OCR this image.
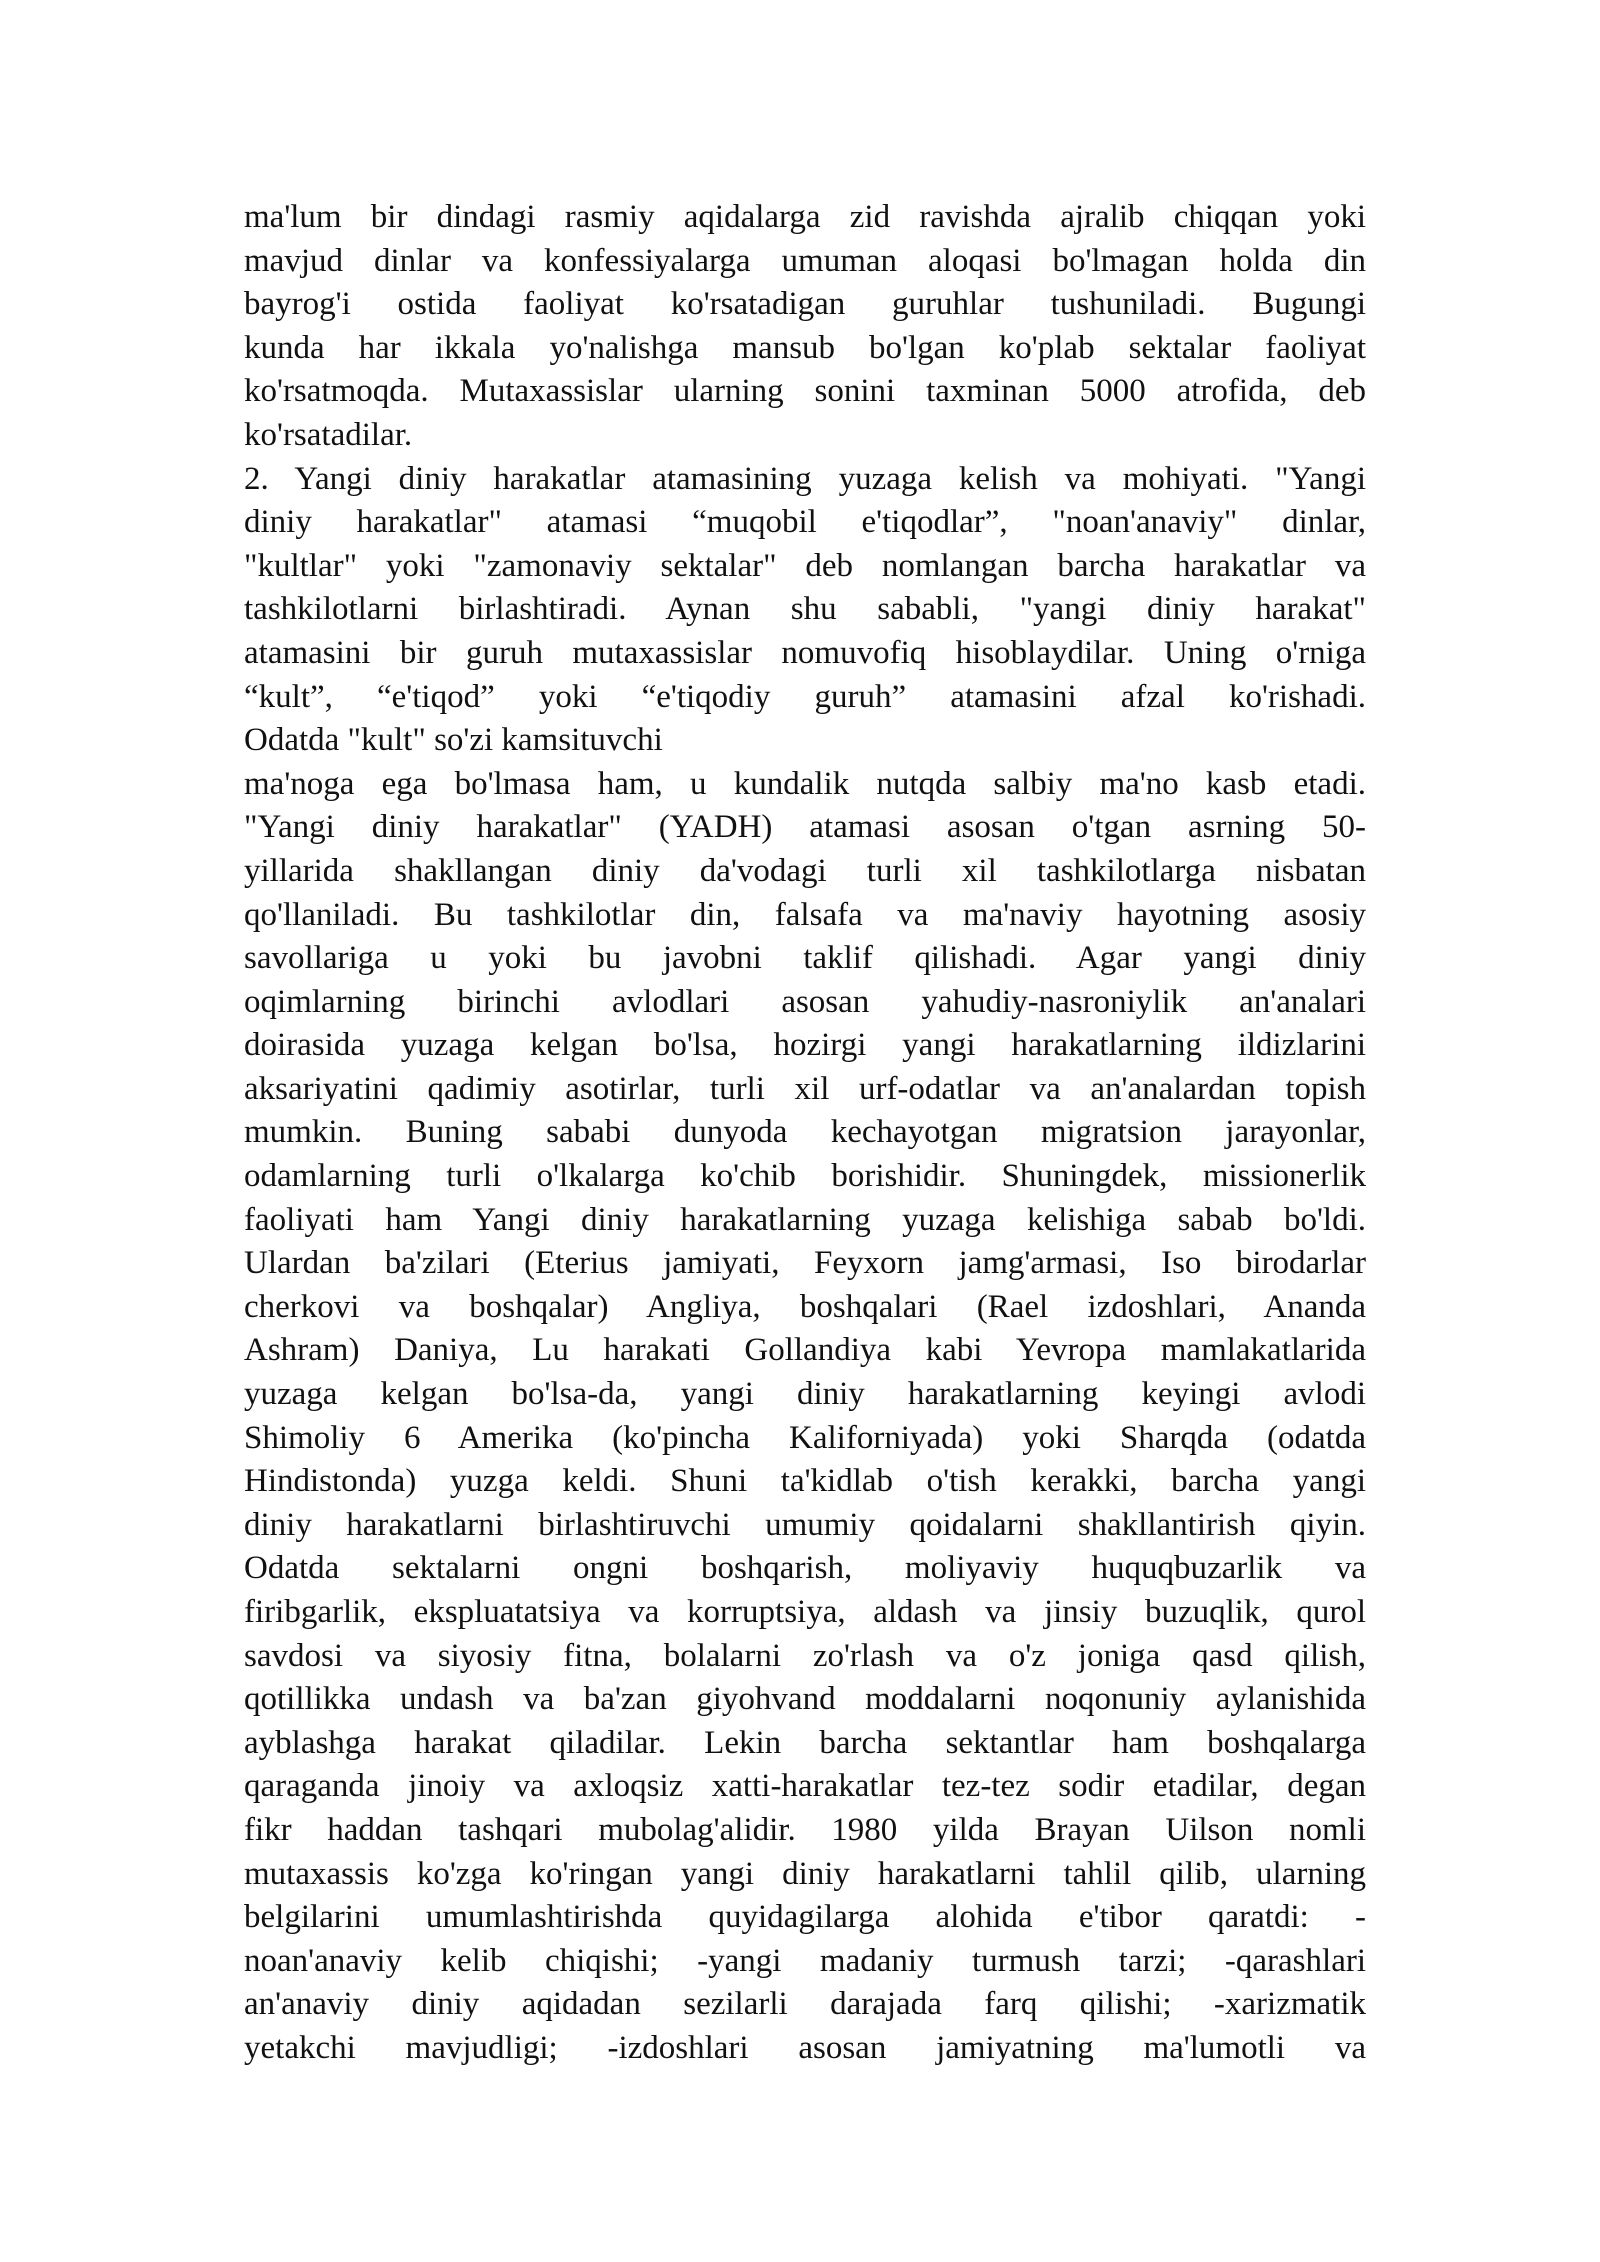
ma'lum bir dindagi rasmiy aqidalarga zid ravishda ajralib chiqqan yoki

mavjud dinlar va konfessiyalarga umuman aloqasi bo'lmagan holda din

bayrog'i ostida faoliyat ko'rsatadigan guruhlar tushuniladi. Bugungi

kunda har ikkala yo'nalishga mansub bo'lgan ko'plab sektalar faoliyat

ko'rsatmoqda. Mutaxassislar ularning sonini taxminan 5000 atrofida, deb

ko'rsatadilar.

2. Yangi diniy harakatlar atamasining yuzaga kelish va mohiyati. "Yangi

diniy harakatlar" atamasi “muqobil e'tiqodlar”, "noan'anaviy" dinlar,

"kultlar" yoki "zamonaviy sektalar" deb nomlangan barcha harakatlar va

tashkilotlarni birlashtiradi. Aynan shu sababli, "yangi diniy harakat"

atamasini bir guruh mutaxassislar nomuvofiq hisoblaydilar. Uning o'rniga

“kult”, “e'tiqod” yoki “e'tiqodiy guruh” atamasini afzal ko'rishadi.

Odatda "kult" so'zi kamsituvchi

ma'noga ega bo'lmasa ham, u kundalik nutqda salbiy ma'no kasb etadi.

"Yangi diniy harakatlar" (YADH) atamasi asosan o'tgan asrning 50-

yillarida shakllangan diniy da'vodagi turli xil tashkilotlarga nisbatan

qo'llaniladi. Bu tashkilotlar din, falsafa va ma'naviy hayotning asosiy

savollariga u yoki bu javobni taklif qilishadi. Agar yangi diniy

oqimlarning birinchi avlodlari asosan yahudiy-nasroniylik an'analari

doirasida yuzaga kelgan bo'lsa, hozirgi yangi harakatlarning ildizlarini

aksariyatini qadimiy asotirlar, turli xil urf-odatlar va an'analardan topish

mumkin. Buning sababi dunyoda kechayotgan migratsion jarayonlar,

odamlarning turli o'lkalarga ko'chib borishidir. Shuningdek, missionerlik

faoliyati ham Yangi diniy harakatlarning yuzaga kelishiga sabab bo'ldi.

Ulardan ba'zilari (Eterius jamiyati, Feyxorn jamg'armasi, Iso birodarlar

cherkovi va boshqalar) Angliya, boshqalari (Rael izdoshlari, Ananda

Ashram) Daniya, Lu harakati Gollandiya kabi Yevropa mamlakatlarida

yuzaga kelgan bo'lsa-da, yangi diniy harakatlarning keyingi avlodi

Shimoliy 6 Amerika (ko'pincha Kaliforniyada) yoki Sharqda (odatda

Hindistonda) yuzga keldi. Shuni ta'kidlab o'tish kerakki, barcha yangi

diniy harakatlarni birlashtiruvchi umumiy qoidalarni shakllantirish qiyin.

Odatda sektalarni ongni boshqarish, moliyaviy huquqbuzarlik va

firibgarlik, ekspluatatsiya va korruptsiya, aldash va jinsiy buzuqlik, qurol

savdosi va siyosiy fitna, bolalarni zo'rlash va o'z joniga qasd qilish,

qotillikka undash va ba'zan giyohvand moddalarni noqonuniy aylanishida

ayblashga harakat qiladilar. Lekin barcha sektantlar ham boshqalarga

qaraganda jinoiy va axloqsiz xatti-harakatlar tez-tez sodir etadilar, degan

fikr haddan tashqari mubolag'alidir. 1980 yilda Brayan Uilson nomli

mutaxassis ko'zga ko'ringan yangi diniy harakatlarni tahlil qilib, ularning

belgilarini umumlashtirishda quyidagilarga alohida e'tibor qaratdi: -

noan'anaviy kelib chiqishi; -yangi madaniy turmush tarzi; -qarashlari

an'anaviy diniy aqidadan sezilarli darajada farq qilishi; -xarizmatik

yetakchi mavjudligi; -izdoshlari asosan jamiyatning ma'lumotli va
